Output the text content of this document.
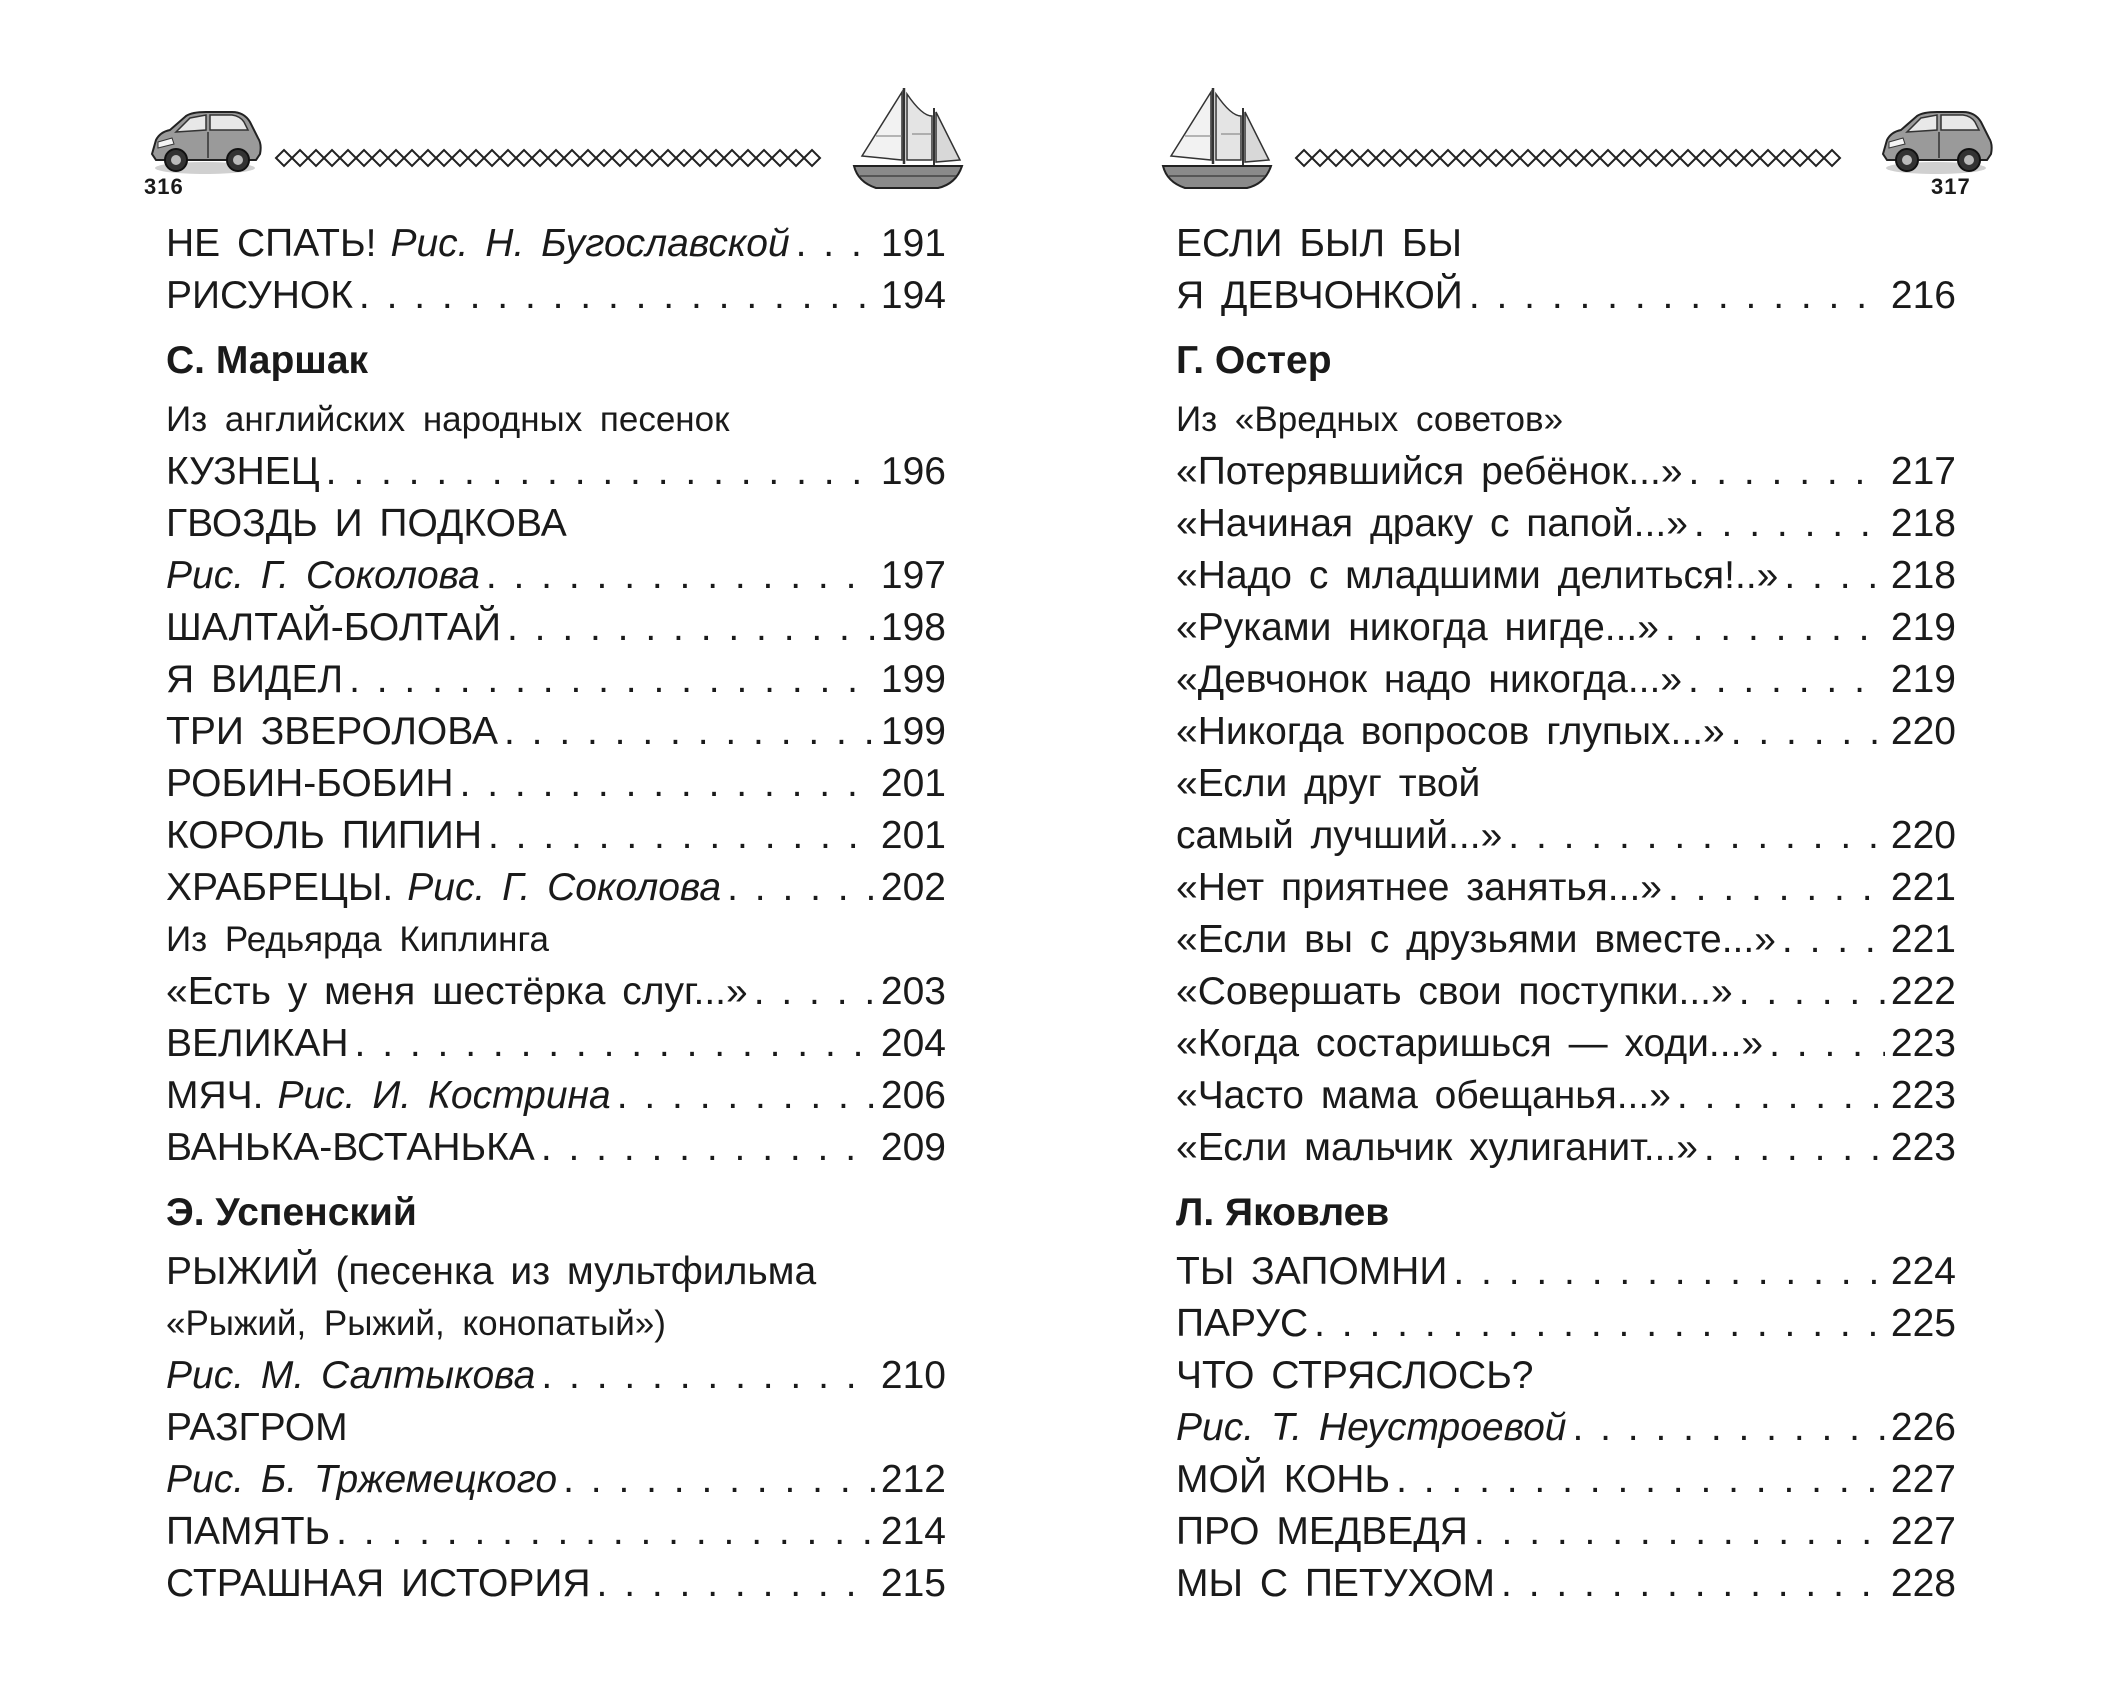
316
НЕ СПАТЬ! Рис. Н. Бугославской . . . 191
РИСУНОК . . .	194
С. Маршак
Из английских народных песенок
КУЗНЕЦ . . .	196
ГВОЗДЬ И ПОДКОВА
Рис. Г. Соколова . . .	197
ШАЛТАЙ-БОЛТАЙ . . .	198
Я ВИДЕЛ . . .	199
ТРИ ЗВЕРОЛОВА . . .	199
РОБИН-БОБИН . . .	201
КОРОЛЬ ПИПИН . . .	201
ХРАБРЕЦЫ. Рис. Г. Соколова . . .	202
Из Редьярда Киплинга
«Есть у меня шестёрка слуг...» . . .	203
ВЕЛИКАН . . .	204
МЯЧ. Рис. И. Кострина . . .	206
ВАНЬКА-ВСТАНЬКА . . .	209
Э. Успенский
РЫЖИЙ (песенка из мультфильма
«Рыжий, Рыжий, конопатый»)
Рис. М. Салтыкова . . .	210
РАЗГРОМ
Рис. Б. Тржемецкого . . .	212
ПАМЯТЬ . . .	214
СТРАШНАЯ ИСТОРИЯ . . .	215
317
ЕСЛИ БЫЛ БЫ
Я ДЕВЧОНКОЙ . . .	216
Г. Остер
Из «Вредных советов»
«Потерявшийся ребёнок...» . . .	217
«Начиная драку с папой...» . . .	218
«Надо с младшими делиться!..» . . .	218
«Руками никогда нигде...» . . .	219
«Девчонок надо никогда...» . . .	219
«Никогда вопросов глупых...» . . .	220
«Если друг твой
самый лучший...» . . .	220
«Нет приятнее занятья...» . . .	221
«Если вы с друзьями вместе...» . . .	221
«Совершать свои поступки...» . . .	222
«Когда состаришься — ходи...» . . .	223
«Часто мама обещанья...» . . .	223
«Если мальчик хулиганит...» . . .	223
Л. Яковлев
ТЫ ЗАПОМНИ . . .	224
ПАРУС . . .	225
ЧТО СТРЯСЛОСЬ?
Рис. Т. Неустроевой . . .	226
МОЙ КОНЬ . . .	227
ПРО МЕДВЕДЯ . . .	227
МЫ С ПЕТУХОМ . . .	228
